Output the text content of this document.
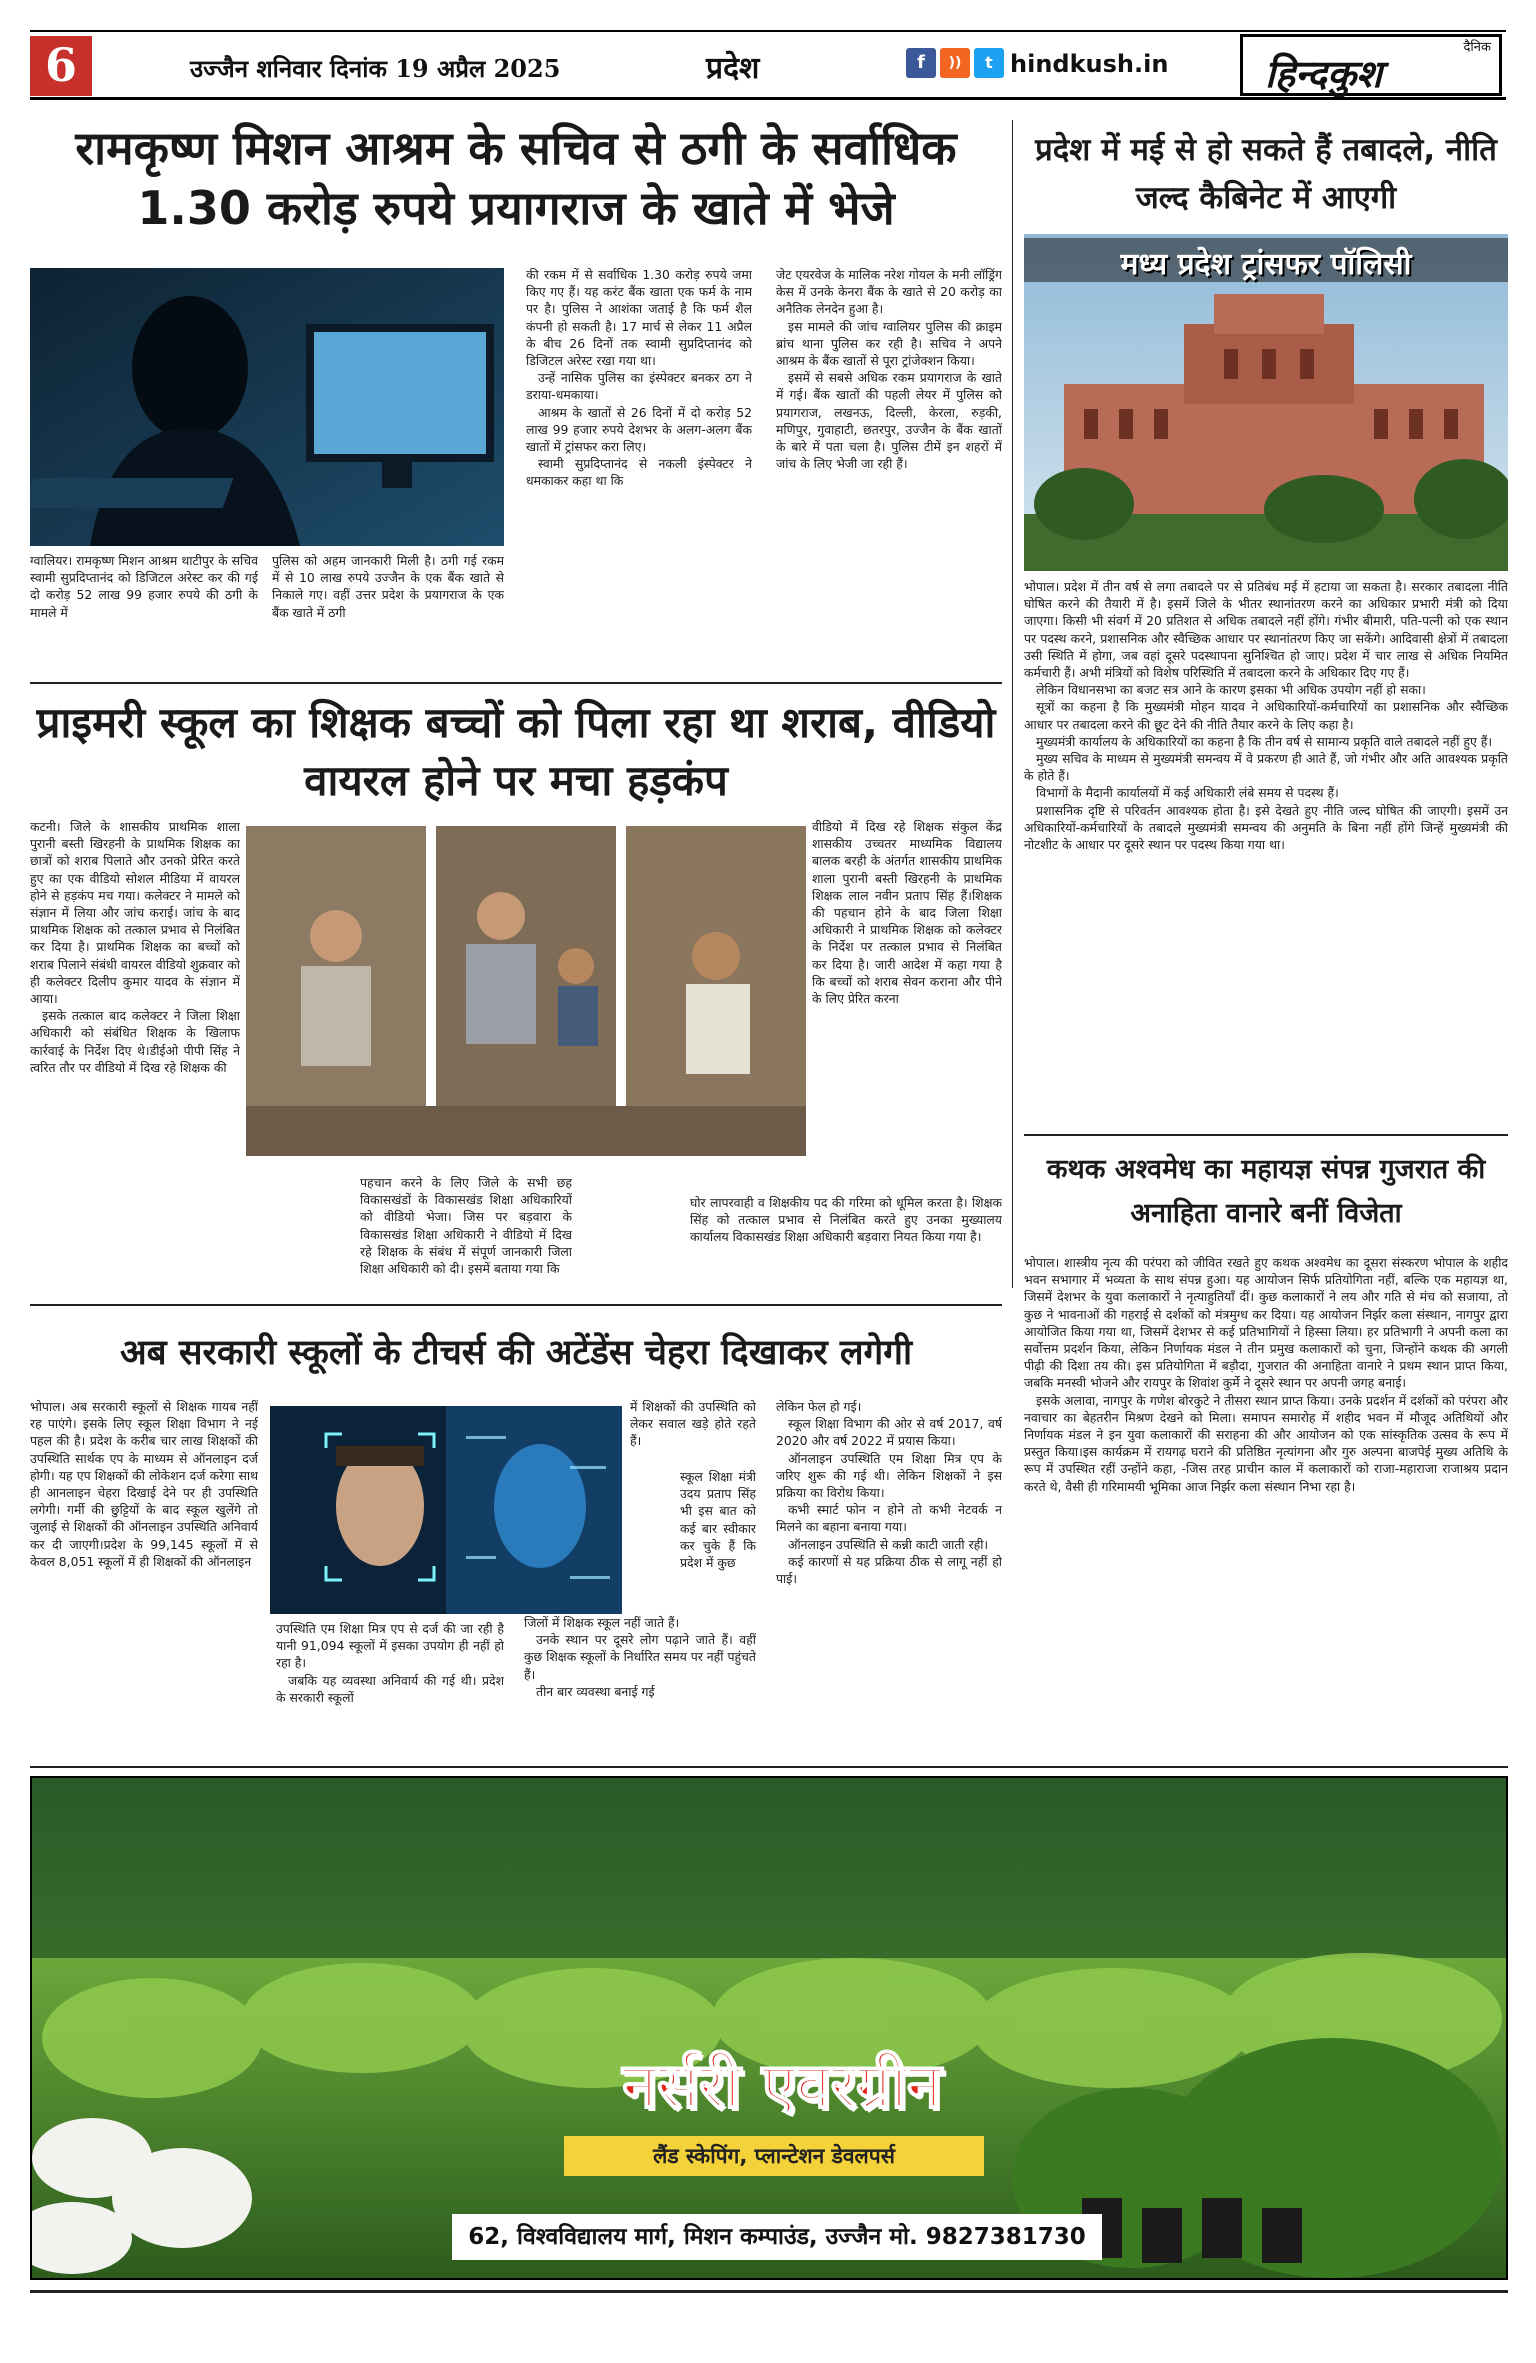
6	उज्जैन शनिवार दिनांक 19 अप्रैल 2025	प्रदेश	f	))	t hindkush.in
दैनिक
हिन्दकुश
रामकृष्ण मिशन आश्रम के सचिव से ठगी के सर्वाधिक 1.30 करोड़ रुपये प्रयागराज के खाते में भेजे
ग्वालियर। रामकृष्ण मिशन आश्रम थाटीपुर के सचिव स्वामी सुप्रदिप्तानंद को डिजिटल अरेस्ट कर की गई दो करोड़ 52 लाख 99 हजार रुपये की ठगी के मामले में
पुलिस को अहम जानकारी मिली है। ठगी गई रकम में से 10 लाख रुपये उज्जैन के एक बैंक खाते से निकाले गए। वहीं उत्तर प्रदेश के प्रयागराज के एक बैंक खाते में ठगी

की रकम में से सर्वाधिक 1.30 करोड़ रुपये जमा किए गए हैं। यह करंट बैंक खाता एक फर्म के नाम पर है। पुलिस ने आशंका जताई है कि फर्म शैल कंपनी हो सकती है। 17 मार्च से लेकर 11 अप्रैल के बीच 26 दिनों तक स्वामी सुप्रदिप्तानंद को डिजिटल अरेस्ट रखा गया था।

उन्हें नासिक पुलिस का इंस्पेक्टर बनकर ठग ने डराया-धमकाया।

आश्रम के खातों से 26 दिनों में दो करोड़ 52 लाख 99 हजार रुपये देशभर के अलग-अलग बैंक खातों में ट्रांसफर करा लिए।

स्वामी सुप्रदिप्तानंद से नकली इंस्पेक्टर ने धमकाकर कहा था कि

जेट एयरवेज के मालिक नरेश गोयल के मनी लॉड्रिंग केस में उनके केनरा बैंक के खाते से 20 करोड़ का अनैतिक लेनदेन हुआ है।

इस मामले की जांच ग्वालियर पुलिस की क्राइम ब्रांच थाना पुलिस कर रही है। सचिव ने अपने आश्रम के बैंक खातों से पूरा ट्रांजेक्शन किया।

इसमें से सबसे अधिक रकम प्रयागराज के खाते में गई। बैंक खातों की पहली लेयर में पुलिस को प्रयागराज, लखनऊ, दिल्ली, केरला, रुड़की, मणिपुर, गुवाहाटी, छतरपुर, उज्जैन के बैंक खातों के बारे में पता चला है। पुलिस टीमें इन शहरों में जांच के लिए भेजी जा रही हैं।

प्रदेश में मई से हो सकते हैं तबादले, नीति जल्द कैबिनेट में आएगी
मध्य प्रदेश ट्रांसफर पॉलिसी

भोपाल। प्रदेश में तीन वर्ष से लगा तबादले पर से प्रतिबंध मई में हटाया जा सकता है। सरकार तबादला नीति घोषित करने की तैयारी में है। इसमें जिले के भीतर स्थानांतरण करने का अधिकार प्रभारी मंत्री को दिया जाएगा। किसी भी संवर्ग में 20 प्रतिशत से अधिक तबादले नहीं होंगे। गंभीर बीमारी, पति-पत्नी को एक स्थान पर पदस्थ करने, प्रशासनिक और स्वैच्छिक आधार पर स्थानांतरण किए जा सकेंगे। आदिवासी क्षेत्रों में तबादला उसी स्थिति में होगा, जब वहां दूसरे पदस्थापना सुनिश्चित हो जाए। प्रदेश में चार लाख से अधिक नियमित कर्मचारी हैं। अभी मंत्रियों को विशेष परिस्थिति में तबादला करने के अधिकार दिए गए हैं।

लेकिन विधानसभा का बजट सत्र आने के कारण इसका भी अधिक उपयोग नहीं हो सका।

सूत्रों का कहना है कि मुख्यमंत्री मोहन यादव ने अधिकारियों-कर्मचारियों का प्रशासनिक और स्वैच्छिक आधार पर तबादला करने की छूट देने की नीति तैयार करने के लिए कहा है।

मुख्यमंत्री कार्यालय के अधिकारियों का कहना है कि तीन वर्ष से सामान्य प्रकृति वाले तबादले नहीं हुए हैं।

मुख्य सचिव के माध्यम से मुख्यमंत्री समन्वय में वे प्रकरण ही आते हैं, जो गंभीर और अति आवश्यक प्रकृति के होते हैं।

विभागों के मैदानी कार्यालयों में कई अधिकारी लंबे समय से पदस्थ हैं।

प्रशासनिक दृष्टि से परिवर्तन आवश्यक होता है। इसे देखते हुए नीति जल्द घोषित की जाएगी। इसमें उन अधिकारियों-कर्मचारियों के तबादले मुख्यमंत्री समन्वय की अनुमति के बिना नहीं होंगे जिन्हें मुख्यमंत्री की नोटशीट के आधार पर दूसरे स्थान पर पदस्थ किया गया था।

प्राइमरी स्कूल का शिक्षक बच्चों को पिला रहा था शराब, वीडियो वायरल होने पर मचा हड़कंप

कटनी। जिले के शासकीय प्राथमिक शाला पुरानी बस्ती खिरहनी के प्राथमिक शिक्षक का छात्रों को शराब पिलाते और उनको प्रेरित करते हुए का एक वीडियो सोशल मीडिया में वायरल होने से हड़कंप मच गया। कलेक्टर ने मामले को संज्ञान में लिया और जांच कराई। जांच के बाद प्राथमिक शिक्षक को तत्काल प्रभाव से निलंबित कर दिया है। प्राथमिक शिक्षक का बच्चों को शराब पिलाने संबंधी वायरल वीडियो शुक्रवार को ही कलेक्टर दिलीप कुमार यादव के संज्ञान में आया।

इसके तत्काल बाद कलेक्टर ने जिला शिक्षा अधिकारी को संबंधित शिक्षक के खिलाफ कार्रवाई के निर्देश दिए थे।डीईओ पीपी सिंह ने त्वरित तौर पर वीडियो में दिख रहे शिक्षक की

वीडियो में दिख रहे शिक्षक संकुल केंद्र शासकीय उच्चतर माध्यमिक विद्यालय बालक बरही के अंतर्गत शासकीय प्राथमिक शाला पुरानी बस्ती खिरहनी के प्राथमिक शिक्षक लाल नवीन प्रताप सिंह हैं।शिक्षक की पहचान होने के बाद जिला शिक्षा अधिकारी ने प्राथमिक शिक्षक को कलेक्टर के निर्देश पर तत्काल प्रभाव से निलंबित कर दिया है। जारी आदेश में कहा गया है कि बच्चों को शराब सेवन कराना और पीने के लिए प्रेरित करना
पहचान करने के लिए जिले के सभी छह विकासखंडों के विकासखंड शिक्षा अधिकारियों को वीडियो भेजा। जिस पर बड़वारा के विकासखंड शिक्षा अधिकारी ने वीडियो में दिख रहे शिक्षक के संबंध में संपूर्ण जानकारी जिला शिक्षा अधिकारी को दी। इसमें बताया गया कि
घोर लापरवाही व शिक्षकीय पद की गरिमा को धूमिल करता है। शिक्षक सिंह को तत्काल प्रभाव से निलंबित करते हुए उनका मुख्यालय कार्यालय विकासखंड शिक्षा अधिकारी बड़वारा नियत किया गया है।
कथक अश्वमेध का महायज्ञ संपन्न गुजरात की अनाहिता वानारे बनीं विजेता

भोपाल। शास्त्रीय नृत्य की परंपरा को जीवित रखते हुए कथक अश्वमेध का दूसरा संस्करण भोपाल के शहीद भवन सभागार में भव्यता के साथ संपन्न हुआ। यह आयोजन सिर्फ प्रतियोगिता नहीं, बल्कि एक महायज्ञ था, जिसमें देशभर के युवा कलाकारों ने नृत्याहुतियाँ दीं। कुछ कलाकारों ने लय और गति से मंच को सजाया, तो कुछ ने भावनाओं की गहराई से दर्शकों को मंत्रमुग्ध कर दिया। यह आयोजन निर्झर कला संस्थान, नागपुर द्वारा आयोजित किया गया था, जिसमें देशभर से कई प्रतिभागियों ने हिस्सा लिया। हर प्रतिभागी ने अपनी कला का सर्वोत्तम प्रदर्शन किया, लेकिन निर्णायक मंडल ने तीन प्रमुख कलाकारों को चुना, जिन्होंने कथक की अगली पीढ़ी की दिशा तय की। इस प्रतियोगिता में बड़ौदा, गुजरात की अनाहिता वानारे ने प्रथम स्थान प्राप्त किया, जबकि मनस्वी भोजने और रायपुर के शिवांश कुर्मे ने दूसरे स्थान पर अपनी जगह बनाई।

इसके अलावा, नागपुर के गणेश बोरकुटे ने तीसरा स्थान प्राप्त किया। उनके प्रदर्शन में दर्शकों को परंपरा और नवाचार का बेहतरीन मिश्रण देखने को मिला। समापन समारोह में शहीद भवन में मौजूद अतिथियों और निर्णायक मंडल ने इन युवा कलाकारों की सराहना की और आयोजन को एक सांस्कृतिक उत्सव के रूप में प्रस्तुत किया।इस कार्यक्रम में रायगढ़ घराने की प्रतिष्ठित नृत्यांगना और गुरु अल्पना बाजपेई मुख्य अतिथि के रूप में उपस्थित रहीं उन्होंने कहा, -जिस तरह प्राचीन काल में कलाकारों को राजा-महाराजा राजाश्रय प्रदान करते थे, वैसी ही गरिमामयी भूमिका आज निर्झर कला संस्थान निभा रहा है।

अब सरकारी स्कूलों के टीचर्स की अटेंडेंस चेहरा दिखाकर लगेगी
भोपाल। अब सरकारी स्कूलों से शिक्षक गायब नहीं रह पाएंगे। इसके लिए स्कूल शिक्षा विभाग ने नई पहल की है। प्रदेश के करीब चार लाख शिक्षकों की उपस्थिति सार्थक एप के माध्यम से ऑनलाइन दर्ज होगी। यह एप शिक्षकों की लोकेशन दर्ज करेगा साथ ही आनलाइन चेहरा दिखाई देने पर ही उपस्थिति लगेगी। गर्मी की छुट्टियों के बाद स्कूल खुलेंगे तो जुलाई से शिक्षकों की ऑनलाइन उपस्थिति अनिवार्य कर दी जाएगी।प्रदेश के 99,145 स्कूलों में से केवल 8,051 स्कूलों में ही शिक्षकों की ऑनलाइन

उपस्थिति एम शिक्षा मित्र एप से दर्ज की जा रही है यानी 91,094 स्कूलों में इसका उपयोग ही नहीं हो रहा है।

जबकि यह व्यवस्था अनिवार्य की गई थी। प्रदेश के सरकारी स्कूलों

में शिक्षकों की उपस्थिति को लेकर सवाल खड़े होते रहते हैं।
स्कूल शिक्षा मंत्री उदय प्रताप सिंह भी इस बात को कई बार स्वीकार कर चुके हैं कि प्रदेश में कुछ

जिलों में शिक्षक स्कूल नहीं जाते हैं।

उनके स्थान पर दूसरे लोग पढ़ाने जाते हैं। वहीं कुछ शिक्षक स्कूलों के निर्धारित समय पर नहीं पहुंचते हैं।

तीन बार व्यवस्था बनाई गई

लेकिन फेल हो गई।

स्कूल शिक्षा विभाग की ओर से वर्ष 2017, वर्ष 2020 और वर्ष 2022 में प्रयास किया।

ऑनलाइन उपस्थिति एम शिक्षा मित्र एप के जरिए शुरू की गई थी। लेकिन शिक्षकों ने इस प्रक्रिया का विरोध किया।

कभी स्मार्ट फोन न होने तो कभी नेटवर्क न मिलने का बहाना बनाया गया।

ऑनलाइन उपस्थिति से कन्नी काटी जाती रही।

कई कारणों से यह प्रक्रिया ठीक से लागू नहीं हो पाई।

नर्सरी एवरग्रीन
लैंड स्केपिंग, प्लान्टेशन डेवलपर्स
62, विश्वविद्यालय मार्ग, मिशन कम्पाउंड, उज्जैन मो. 9827381730
